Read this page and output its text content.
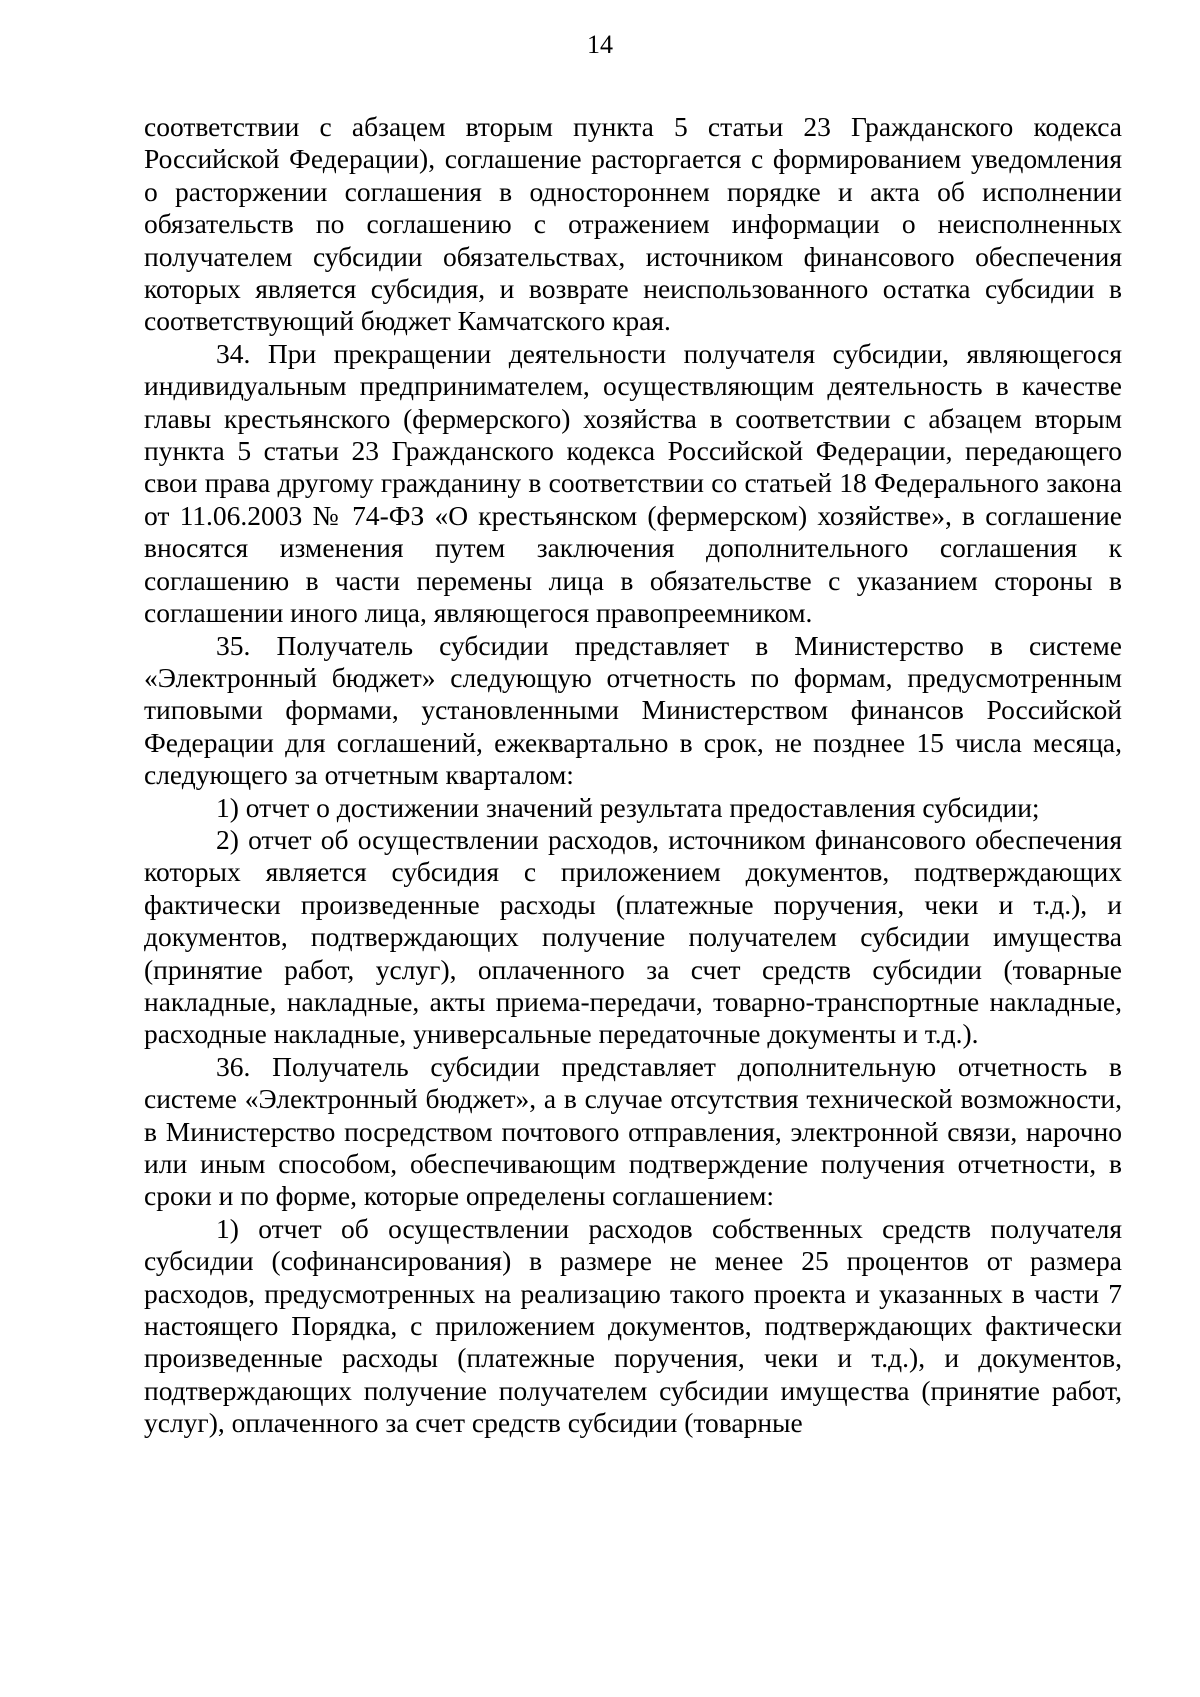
14

соответствии с абзацем вторым пункта 5 статьи 23 Гражданского кодекса Российской Федерации), соглашение расторгается с формированием уведомления о расторжении соглашения в одностороннем порядке и акта об исполнении обязательств по соглашению с отражением информации о неисполненных получателем субсидии обязательствах, источником финансового обеспечения которых является субсидия, и возврате неиспользованного остатка субсидии в соответствующий бюджет Камчатского края.

34. При прекращении деятельности получателя субсидии, являющегося индивидуальным предпринимателем, осуществляющим деятельность в качестве главы крестьянского (фермерского) хозяйства в соответствии с абзацем вторым пункта 5 статьи 23 Гражданского кодекса Российской Федерации, передающего свои права другому гражданину в соответствии со статьей 18 Федерального закона от 11.06.2003 № 74-ФЗ «О крестьянском (фермерском) хозяйстве», в соглашение вносятся изменения путем заключения дополнительного соглашения к соглашению в части перемены лица в обязательстве с указанием стороны в соглашении иного лица, являющегося правопреемником.

35. Получатель субсидии представляет в Министерство в системе «Электронный бюджет» следующую отчетность по формам, предусмотренным типовыми формами, установленными Министерством финансов Российской Федерации для соглашений, ежеквартально в срок, не позднее 15 числа месяца, следующего за отчетным кварталом:

1) отчет о достижении значений результата предоставления субсидии;

2) отчет об осуществлении расходов, источником финансового обеспечения которых является субсидия с приложением документов, подтверждающих фактически произведенные расходы (платежные поручения, чеки и т.д.), и документов, подтверждающих получение получателем субсидии имущества (принятие работ, услуг), оплаченного за счет средств субсидии (товарные накладные, накладные, акты приема-передачи, товарно-транспортные накладные, расходные накладные, универсальные передаточные документы и т.д.).

36. Получатель субсидии представляет дополнительную отчетность в системе «Электронный бюджет», а в случае отсутствия технической возможности, в Министерство посредством почтового отправления, электронной связи, нарочно или иным способом, обеспечивающим подтверждение получения отчетности, в сроки и по форме, которые определены соглашением:

1) отчет об осуществлении расходов собственных средств получателя субсидии (софинансирования) в размере не менее 25 процентов от размера расходов, предусмотренных на реализацию такого проекта и указанных в части 7 настоящего Порядка, с приложением документов, подтверждающих фактически произведенные расходы (платежные поручения, чеки и т.д.), и документов, подтверждающих получение получателем субсидии имущества (принятие работ, услуг), оплаченного за счет средств субсидии (товарные
